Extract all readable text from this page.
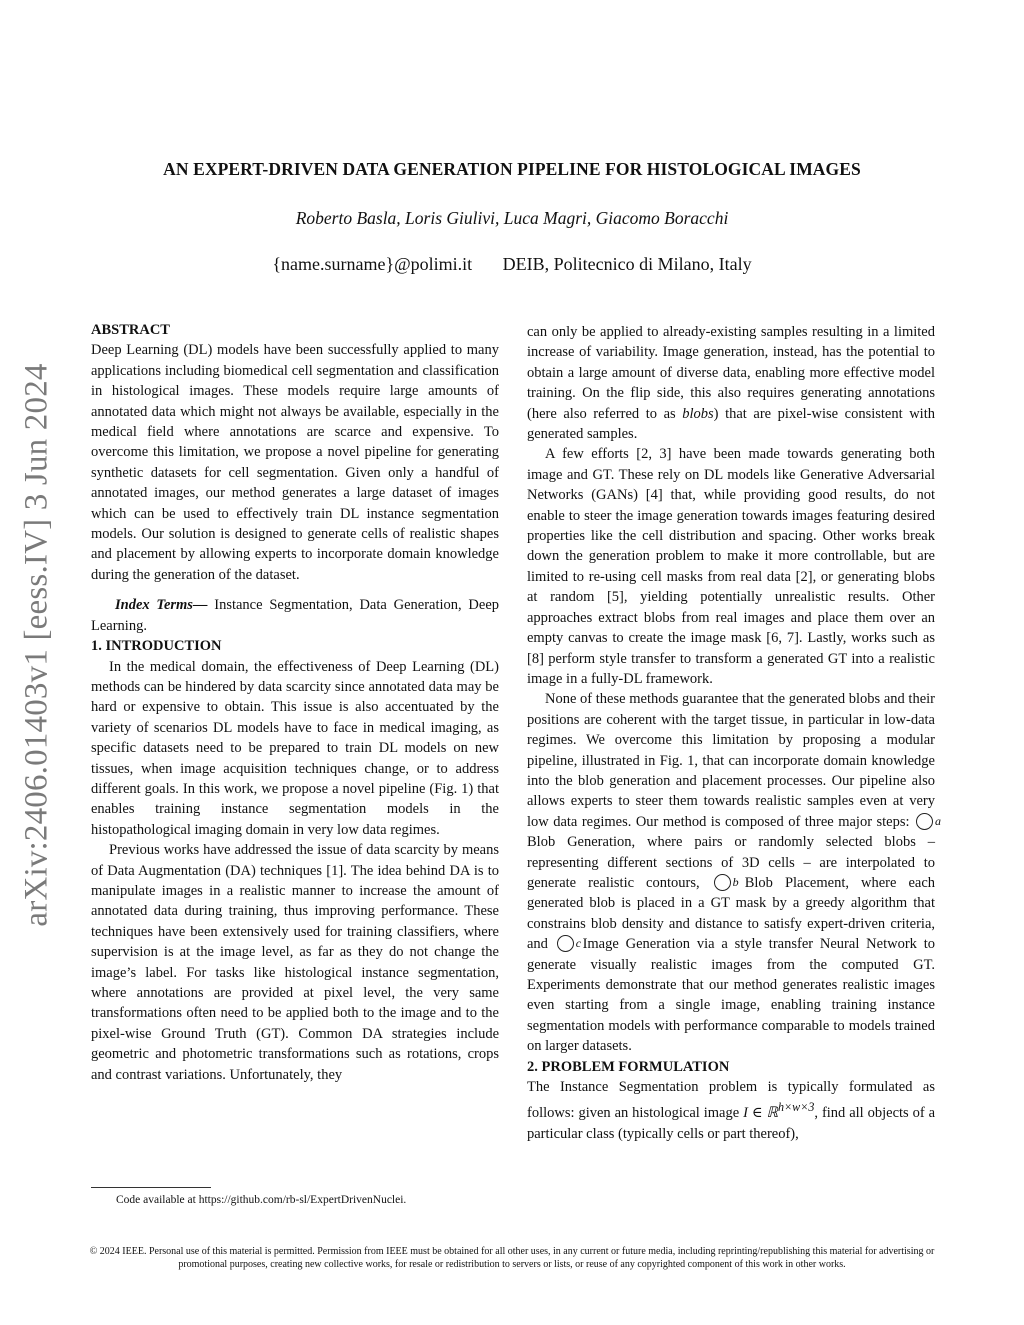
arXiv:2406.01403v1 [eess.IV] 3 Jun 2024
AN EXPERT-DRIVEN DATA GENERATION PIPELINE FOR HISTOLOGICAL IMAGES
Roberto Basla, Loris Giulivi, Luca Magri, Giacomo Boracchi
{name.surname}@polimi.it DEIB, Politecnico di Milano, Italy

ABSTRACT

Deep Learning (DL) models have been successfully applied to many applications including biomedical cell segmentation and classification in histological images. These models require large amounts of annotated data which might not always be available, especially in the medical field where annotations are scarce and expensive. To overcome this limitation, we propose a novel pipeline for generating synthetic datasets for cell segmentation. Given only a handful of annotated images, our method generates a large dataset of images which can be used to effectively train DL instance segmentation models. Our solution is designed to generate cells of realistic shapes and placement by allowing experts to incorporate domain knowledge during the generation of the dataset.

Index Terms— Instance Segmentation, Data Generation, Deep Learning.

1. INTRODUCTION

In the medical domain, the effectiveness of Deep Learning (DL) methods can be hindered by data scarcity since annotated data may be hard or expensive to obtain. This issue is also accentuated by the variety of scenarios DL models have to face in medical imaging, as specific datasets need to be prepared to train DL models on new tissues, when image acquisition techniques change, or to address different goals. In this work, we propose a novel pipeline (Fig. 1) that enables training instance segmentation models in the histopathological imaging domain in very low data regimes.

Previous works have addressed the issue of data scarcity by means of Data Augmentation (DA) techniques [1]. The idea behind DA is to manipulate images in a realistic manner to increase the amount of annotated data during training, thus improving performance. These techniques have been extensively used for training classifiers, where supervision is at the image level, as far as they do not change the image’s label. For tasks like histological instance segmentation, where annotations are provided at pixel level, the very same transformations often need to be applied both to the image and to the pixel-wise Ground Truth (GT). Common DA strategies include geometric and photometric transformations such as rotations, crops and contrast variations. Unfortunately, they

can only be applied to already-existing samples resulting in a limited increase of variability. Image generation, instead, has the potential to obtain a large amount of diverse data, enabling more effective model training. On the flip side, this also requires generating annotations (here also referred to as blobs) that are pixel-wise consistent with generated samples.

A few efforts [2, 3] have been made towards generating both image and GT. These rely on DL models like Generative Adversarial Networks (GANs) [4] that, while providing good results, do not enable to steer the image generation towards images featuring desired properties like the cell distribution and spacing. Other works break down the generation problem to make it more controllable, but are limited to re-using cell masks from real data [2], or generating blobs at random [5], yielding potentially unrealistic results. Other approaches extract blobs from real images and place them over an empty canvas to create the image mask [6, 7]. Lastly, works such as [8] perform style transfer to transform a generated GT into a realistic image in a fully-DL framework.

None of these methods guarantee that the generated blobs and their positions are coherent with the target tissue, in particular in low-data regimes. We overcome this limitation by proposing a modular pipeline, illustrated in Fig. 1, that can incorporate domain knowledge into the blob generation and placement processes. Our pipeline also allows experts to steer them towards realistic samples even at very low data regimes. Our method is composed of three major steps: a Blob Generation, where pairs or randomly selected blobs – representing different sections of 3D cells – are interpolated to generate realistic contours,	b Blob Placement, where each generated blob is placed in a GT mask by a greedy algorithm that constrains blob density and distance to satisfy expert-driven criteria, and c Image Generation via a style transfer Neural Network to generate visually realistic images from the computed GT. Experiments demonstrate that our method generates realistic images even starting from a single image, enabling training instance segmentation models with performance comparable to models trained on larger datasets.

2. PROBLEM FORMULATION

The Instance Segmentation problem is typically formulated as follows: given an histological image I ∈ ℝ$^{h\times w\times 3}$, find all objects of a particular class (typically cells or part thereof),

Code available at https://github.com/rb-sl/ExpertDrivenNuclei.
© 2024 IEEE. Personal use of this material is permitted. Permission from IEEE must be obtained for all other uses, in any current or future media, including reprinting/republishing this material for advertising or promotional purposes, creating new collective works, for resale or redistribution to servers or lists, or reuse of any copyrighted component of this work in other works.
